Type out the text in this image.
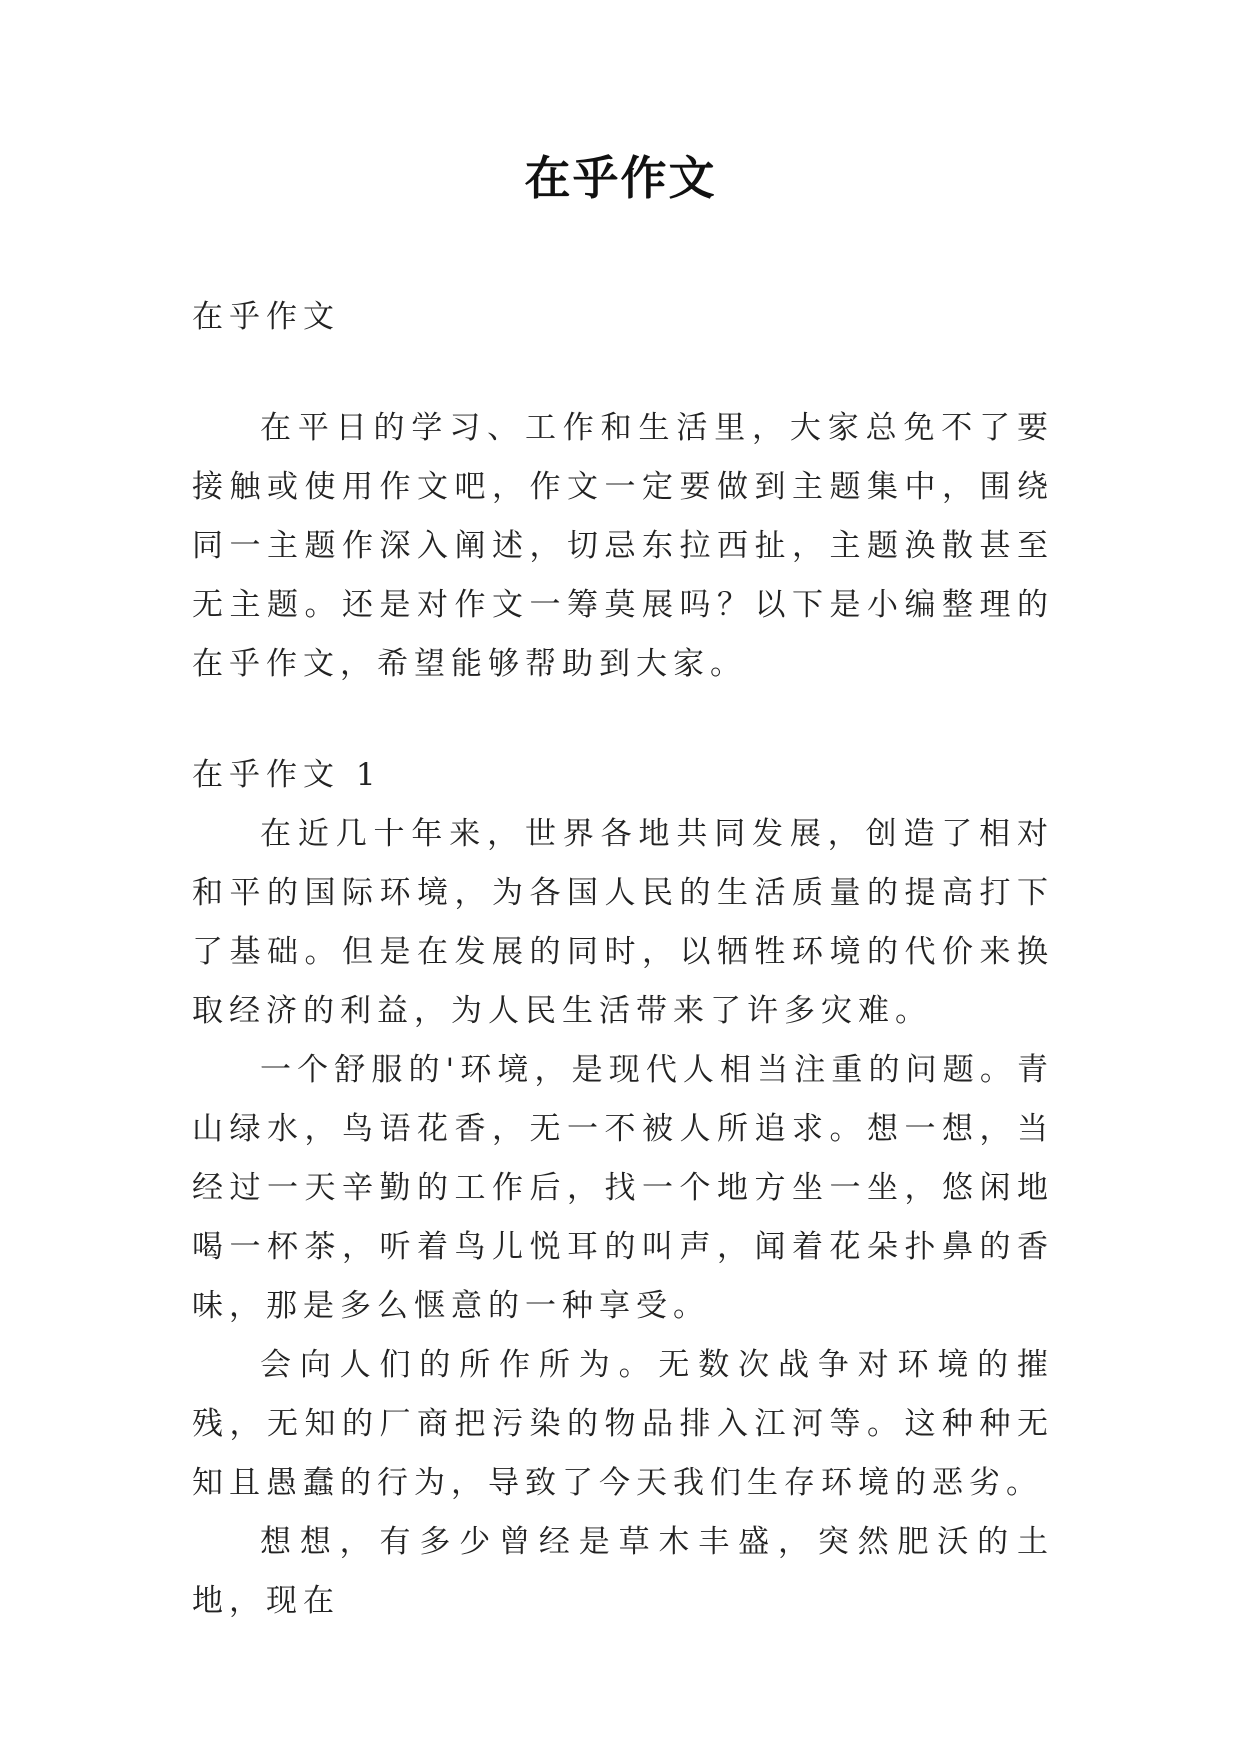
在乎作文

在乎作文

在平日的学习、工作和生活里，大家总免不了要接触或使用作文吧，作文一定要做到主题集中，围绕同一主题作深入阐述，切忌东拉西扯，主题涣散甚至无主题。还是对作文一筹莫展吗？以下是小编整理的在乎作文，希望能够帮助到大家。

在乎作文 1

在近几十年来，世界各地共同发展，创造了相对和平的国际环境，为各国人民的生活质量的提高打下了基础。但是在发展的同时，以牺牲环境的代价来换取经济的利益，为人民生活带来了许多灾难。

一个舒服的'环境，是现代人相当注重的问题。青山绿水，鸟语花香，无一不被人所追求。想一想，当经过一天辛勤的工作后，找一个地方坐一坐，悠闲地喝一杯茶，听着鸟儿悦耳的叫声，闻着花朵扑鼻的香味，那是多么惬意的一种享受。

会向人们的所作所为。无数次战争对环境的摧残，无知的厂商把污染的物品排入江河等。这种种无知且愚蠢的行为，导致了今天我们生存环境的恶劣。

想想，有多少曾经是草木丰盛，突然肥沃的土地，现在
